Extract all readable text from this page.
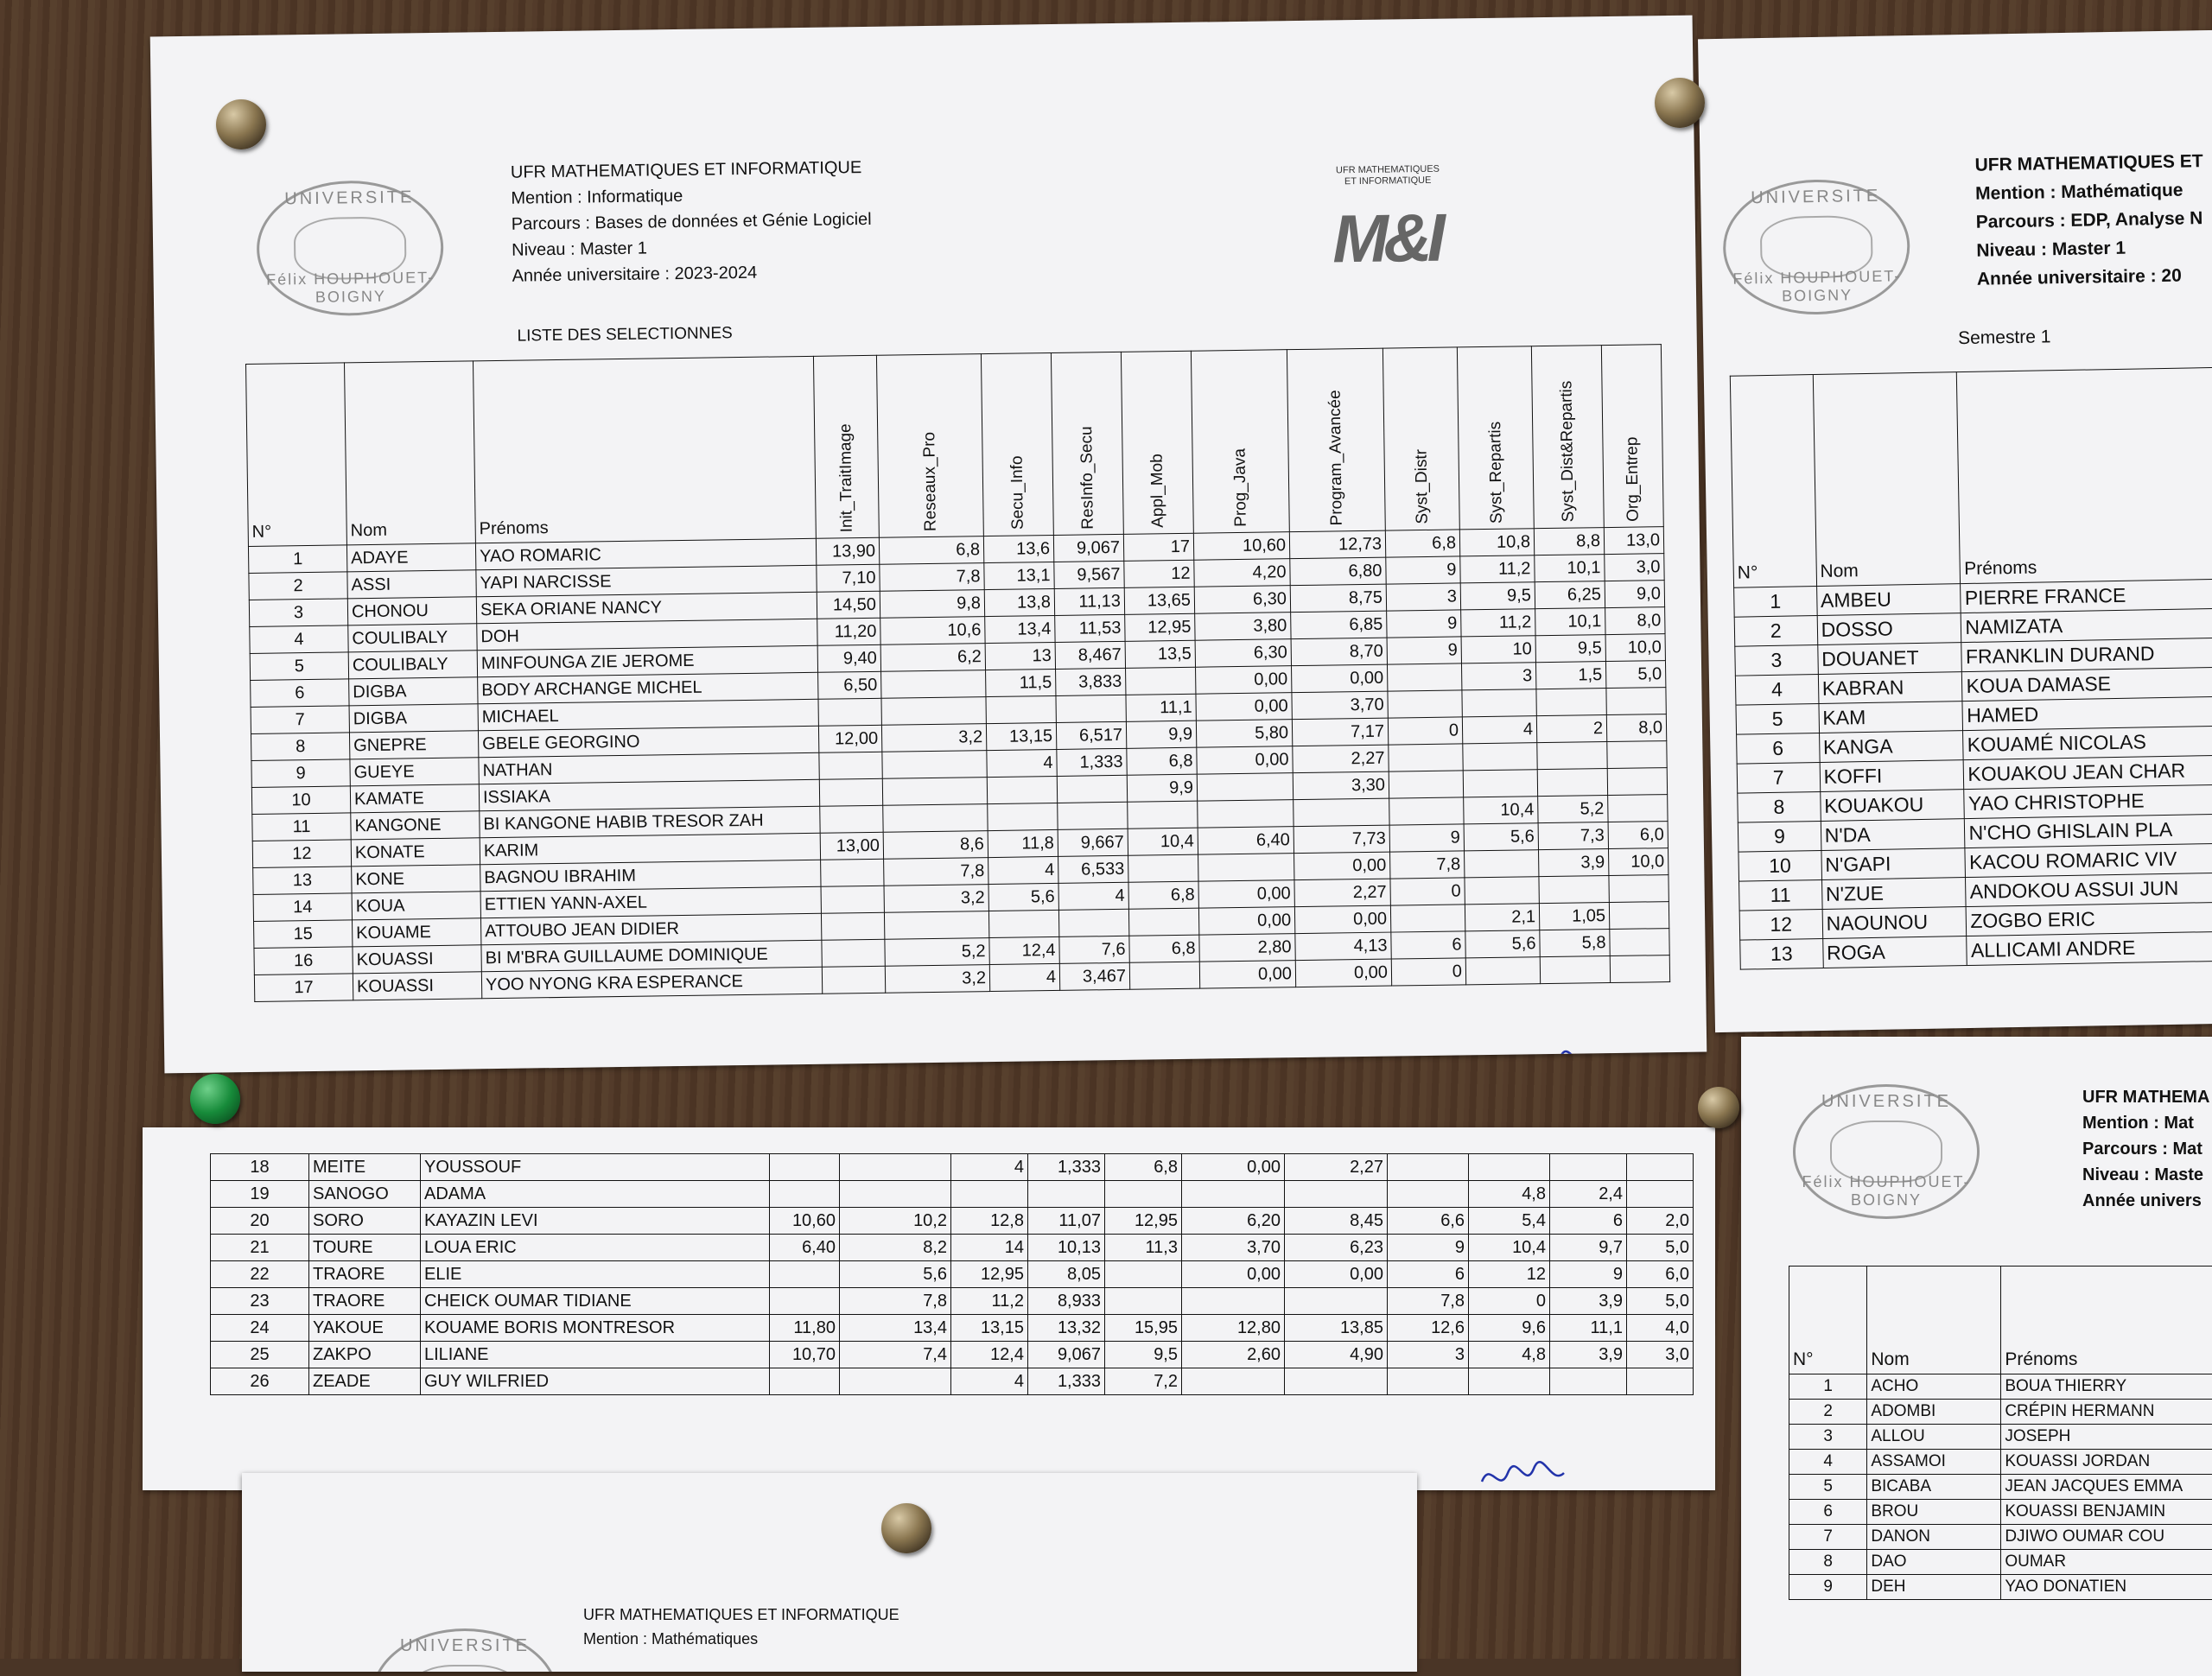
UNIVERSITE
Félix HOUPHOUET-BOIGNY
UFR MATHEMATIQUES ET INFORMATIQUE
Mention : Informatique
Parcours : Bases de données et Génie Logiciel
Niveau : Master 1
Année universitaire : 2023-2024
UFR MATHEMATIQUES ET INFORMATIQUE
M&I
LISTE DES SELECTIONNES
N°	Nom	Prénoms	Init_TraitImage	Reseaux_Pro	Secu_Info	ResInfo_Secu	Appl_Mob	Prog_Java	Program_Avancée	Syst_Distr	Syst_Repartis	Syst_Dist&Repartis	Org_Entrep

1	ADAYE	YAO ROMARIC	13,90	6,8	13,6	9,067	17	10,60	12,73	6,8	10,8	8,8	13,0
2	ASSI	YAPI NARCISSE	7,10	7,8	13,1	9,567	12	4,20	6,80	9	11,2	10,1	3,0
3	CHONOU	SEKA ORIANE NANCY	14,50	9,8	13,8	11,13	13,65	6,30	8,75	3	9,5	6,25	9,0
4	COULIBALY	DOH	11,20	10,6	13,4	11,53	12,95	3,80	6,85	9	11,2	10,1	8,0
5	COULIBALY	MINFOUNGA ZIE JEROME	9,40	6,2	13	8,467	13,5	6,30	8,70	9	10	9,5	10,0
6	DIGBA	BODY ARCHANGE MICHEL	6,50		11,5	3,833		0,00	0,00		3	1,5	5,0
7	DIGBA	MICHAEL					11,1	0,00	3,70				
8	GNEPRE	GBELE GEORGINO	12,00	3,2	13,15	6,517	9,9	5,80	7,17	0	4	2	8,0
9	GUEYE	NATHAN			4	1,333	6,8	0,00	2,27				
10	KAMATE	ISSIAKA					9,9		3,30				
11	KANGONE	BI KANGONE HABIB TRESOR ZAH									10,4	5,2	
12	KONATE	KARIM	13,00	8,6	11,8	9,667	10,4	6,40	7,73	9	5,6	7,3	6,0
13	KONE	BAGNOU IBRAHIM		7,8	4	6,533			0,00	7,8		3,9	10,0
14	KOUA	ETTIEN YANN-AXEL		3,2	5,6	4	6,8	0,00	2,27	0			
15	KOUAME	ATTOUBO JEAN DIDIER						0,00	0,00		2,1	1,05	
16	KOUASSI	BI M'BRA GUILLAUME DOMINIQUE		5,2	12,4	7,6	6,8	2,80	4,13	6	5,6	5,8	
17	KOUASSI	YOO NYONG KRA ESPERANCE		3,2	4	3,467		0,00	0,00	0			
18	MEITE	YOUSSOUF			4	1,333	6,8	0,00	2,27				
19	SANOGO	ADAMA									4,8	2,4	
20	SORO	KAYAZIN LEVI	10,60	10,2	12,8	11,07	12,95	6,20	8,45	6,6	5,4	6	2,0
21	TOURE	LOUA ERIC	6,40	8,2	14	10,13	11,3	3,70	6,23	9	10,4	9,7	5,0
22	TRAORE	ELIE		5,6	12,95	8,05		0,00	0,00	6	12	9	6,0
23	TRAORE	CHEICK OUMAR TIDIANE		7,8	11,2	8,933				7,8	0	3,9	5,0
24	YAKOUE	KOUAME BORIS MONTRESOR	11,80	13,4	13,15	13,32	15,95	12,80	13,85	12,6	9,6	11,1	4,0
25	ZAKPO	LILIANE	10,70	7,4	12,4	9,067	9,5	2,60	4,90	3	4,8	3,9	3,0
26	ZEADE	GUY WILFRIED			4	1,333	7,2						
UNIVERSITE
Félix HOUPHOUET-BOIGNY
UFR MATHEMATIQUES ET
Mention : Mathématique
Parcours : EDP, Analyse N
Niveau : Master 1
Année universitaire : 20
Semestre 1
N°	Nom	Prénoms
1	AMBEU	PIERRE FRANCE
2	DOSSO	NAMIZATA
3	DOUANET	FRANKLIN DURAND
4	KABRAN	KOUA DAMASE
5	KAM	HAMED
6	KANGA	KOUAMÉ NICOLAS
7	KOFFI	KOUAKOU JEAN CHAR
8	KOUAKOU	YAO CHRISTOPHE
9	N'DA	N'CHO GHISLAIN PLA
10	N'GAPI	KACOU ROMARIC VIV
11	N'ZUE	ANDOKOU ASSUI JUN
12	NAOUNOU	ZOGBO ERIC
13	ROGA	ALLICAMI ANDRE
UNIVERSITE
Félix HOUPHOUET-BOIGNY
UFR MATHEMA
Mention : Mat
Parcours : Mat
Niveau : Maste
Année univers
N°	Nom	Prénoms
1	ACHO	BOUA THIERRY
2	ADOMBI	CRÉPIN HERMANN
3	ALLOU	JOSEPH
4	ASSAMOI	KOUASSI JORDAN
5	BICABA	JEAN JACQUES EMMA
6	BROU	KOUASSI BENJAMIN
7	DANON	DJIWO OUMAR COU
8	DAO	OUMAR
9	DEH	YAO DONATIEN
UNIVERSITE
UFR MATHEMATIQUES ET INFORMATIQUE
Mention : Mathématiques
